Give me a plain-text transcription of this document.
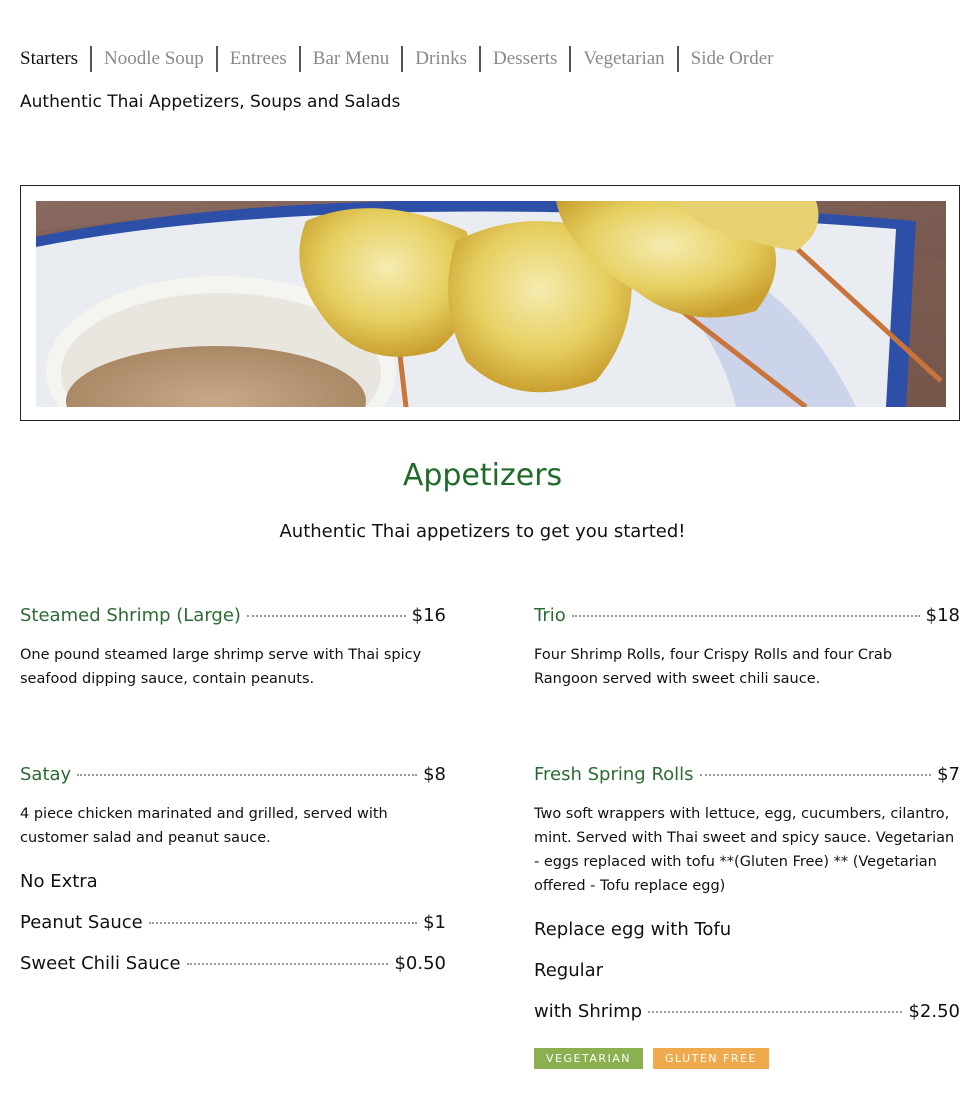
Starters	Noodle Soup	Entrees	Bar Menu	Drinks	Desserts	Vegetarian	Side Order
Authentic Thai Appetizers, Soups and Salads
Appetizers
Authentic Thai appetizers to get you started!
Steamed Shrimp (Large)	$16
One pound steamed large shrimp serve with Thai spicy seafood dipping sauce, contain peanuts.
Trio	$18
Four Shrimp Rolls, four Crispy Rolls and four Crab Rangoon served with sweet chili sauce.
Satay	$8
4 piece chicken marinated and grilled, served with customer salad and peanut sauce.
No Extra
Peanut Sauce	$1
Sweet Chili Sauce	$0.50
Fresh Spring Rolls	$7
Two soft wrappers with lettuce, egg, cucumbers, cilantro, mint. Served with Thai sweet and spicy sauce. Vegetarian - eggs replaced with tofu **(Gluten Free) ** (Vegetarian offered - Tofu replace egg)
Replace egg with Tofu
Regular
with Shrimp	$2.50
VEGETARIAN	GLUTEN FREE
